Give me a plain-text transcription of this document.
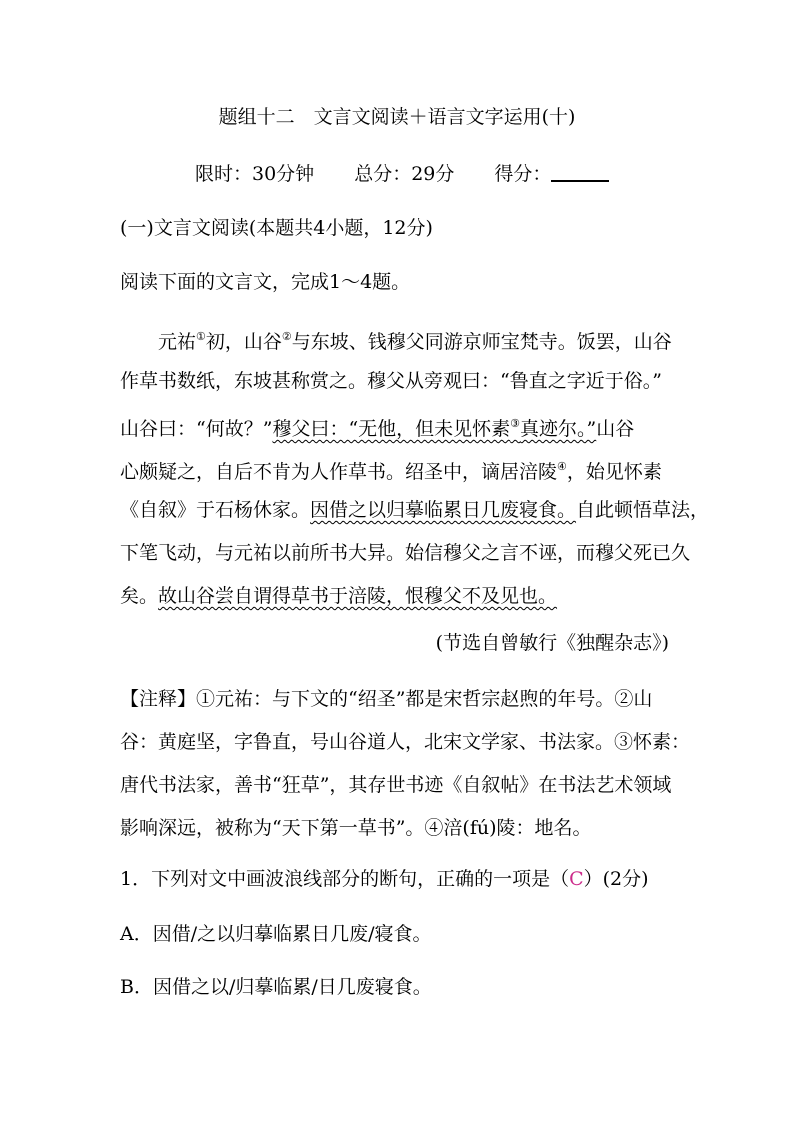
题组十二　文言文阅读＋语言文字运用(十)
限时：30分钟 总分：29分 得分：
(一)文言文阅读(本题共4小题，12分)
阅读下面的文言文，完成1～4题。
元祐①初，山谷②与东坡、钱穆父同游京师宝梵寺。饭罢，山谷
作草书数纸，东坡甚称赏之。穆父从旁观曰：“鲁直之字近于俗。”
山谷曰：“何故？”穆父曰：“无他，但未见怀素③真迹尔。”山谷
心颇疑之，自后不肯为人作草书。绍圣中，谪居涪陵④，始见怀素
《自叙》于石杨休家。因借之以归摹临累日几废寝食。自此顿悟草法，
下笔飞动，与元祐以前所书大异。始信穆父之言不诬，而穆父死已久
矣。故山谷尝自谓得草书于涪陵，恨穆父不及见也。
(节选自曾敏行《独醒杂志》)
【注释】①元祐：与下文的“绍圣”都是宋哲宗赵煦的年号。②山
谷：黄庭坚，字鲁直，号山谷道人，北宋文学家、书法家。③怀素：
唐代书法家，善书“狂草”，其存世书迹《自叙帖》在书法艺术领域
影响深远，被称为“天下第一草书”。④涪(fú)陵：地名。
1．下列对文中画波浪线部分的断句，正确的一项是（C）(2分)
A．因借/之以归摹临累日几废/寝食。
B．因借之以/归摹临累/日几废寝食。
